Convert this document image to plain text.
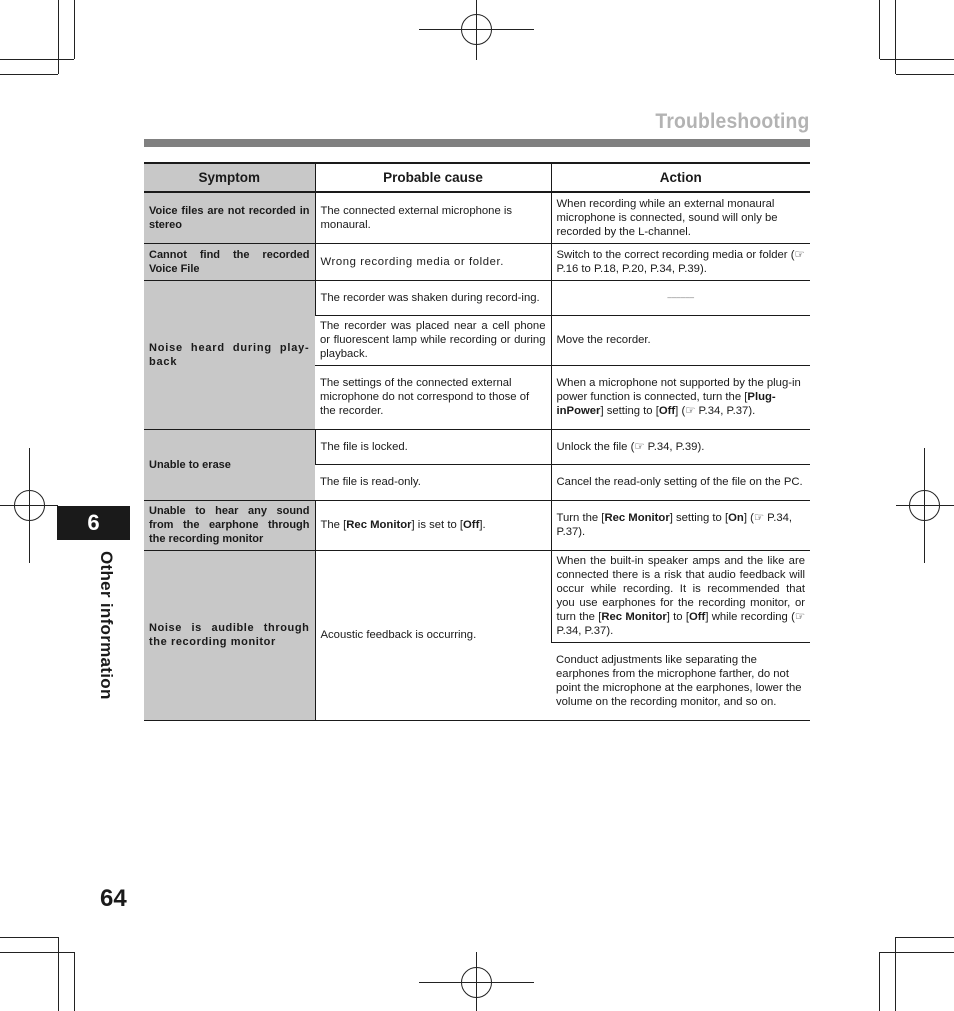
Troubleshooting
Symptom	Probable cause	Action
Voice files are not recorded in stereo	The connected external microphone is monaural.	When recording while an external monaural microphone is connected, sound will only be recorded by the L-channel.
Cannot find the recorded Voice File	Wrong recording media or folder.	Switch to the correct recording media or folder (☞ P.16 to P.18, P.20, P.34, P.39).
Noise heard during play-back	The recorder was shaken during record-ing.	––––––
	The recorder was placed near a cell phone or fluorescent lamp while recording or during playback.	Move the recorder.
	The settings of the connected external microphone do not correspond to those of the recorder.	When a microphone not supported by the plug-in power function is connected, turn the [Plug-inPower] setting to [Off] (☞ P.34, P.37).
Unable to erase	The file is locked.	Unlock the file (☞ P.34, P.39).
	The file is read-only.	Cancel the read-only setting of the file on the PC.
Unable to hear any sound from the earphone through the recording monitor	The [Rec Monitor] is set to [Off].	Turn the [Rec Monitor] setting to [On] (☞ P.34, P.37).
Noise is audible through the recording monitor	Acoustic feedback is occurring.	When the built-in speaker amps and the like are connected there is a risk that audio feedback will occur while recording. It is recommended that you use earphones for the recording monitor, or turn the [Rec Monitor] to [Off] while recording (☞ P.34, P.37).
		Conduct adjustments like separating the earphones from the microphone farther, do not point the microphone at the earphones, lower the volume on the recording monitor, and so on.
6
Other information
64
